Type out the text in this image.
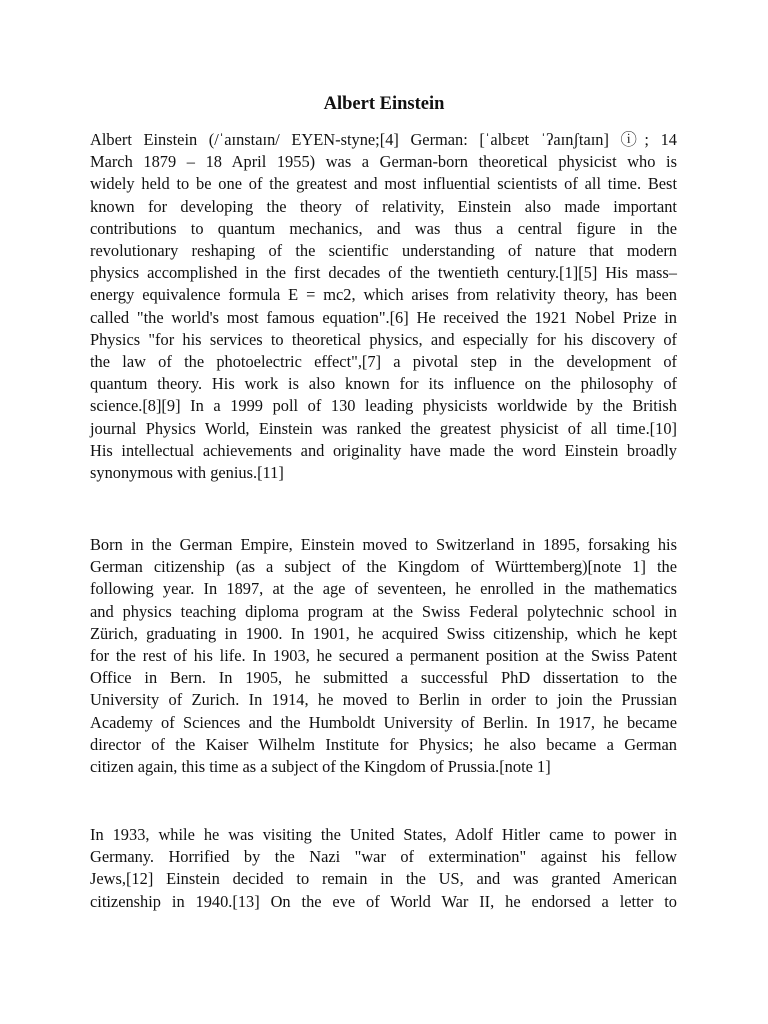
Albert Einstein

Albert Einstein (/ˈaɪnstaɪn/ EYEN-styne;[4] German: [ˈalbɛɐt ˈʔaɪnʃtaɪn] ⓘ; 14
March 1879 – 18 April 1955) was a German-born theoretical physicist who is
widely held to be one of the greatest and most influential scientists of all time. Best
known for developing the theory of relativity, Einstein also made important
contributions to quantum mechanics, and was thus a central figure in the
revolutionary reshaping of the scientific understanding of nature that modern
physics accomplished in the first decades of the twentieth century.[1][5] His mass–
energy equivalence formula E = mc2, which arises from relativity theory, has been
called "the world's most famous equation".[6] He received the 1921 Nobel Prize in
Physics "for his services to theoretical physics, and especially for his discovery of
the law of the photoelectric effect",[7] a pivotal step in the development of
quantum theory. His work is also known for its influence on the philosophy of
science.[8][9] In a 1999 poll of 130 leading physicists worldwide by the British
journal Physics World, Einstein was ranked the greatest physicist of all time.[10]
His intellectual achievements and originality have made the word Einstein broadly
synonymous with genius.[11]

Born in the German Empire, Einstein moved to Switzerland in 1895, forsaking his
German citizenship (as a subject of the Kingdom of Württemberg)[note 1] the
following year. In 1897, at the age of seventeen, he enrolled in the mathematics
and physics teaching diploma program at the Swiss Federal polytechnic school in
Zürich, graduating in 1900. In 1901, he acquired Swiss citizenship, which he kept
for the rest of his life. In 1903, he secured a permanent position at the Swiss Patent
Office in Bern. In 1905, he submitted a successful PhD dissertation to the
University of Zurich. In 1914, he moved to Berlin in order to join the Prussian
Academy of Sciences and the Humboldt University of Berlin. In 1917, he became
director of the Kaiser Wilhelm Institute for Physics; he also became a German
citizen again, this time as a subject of the Kingdom of Prussia.[note 1]

In 1933, while he was visiting the United States, Adolf Hitler came to power in
Germany. Horrified by the Nazi "war of extermination" against his fellow
Jews,[12] Einstein decided to remain in the US, and was granted American
citizenship in 1940.[13] On the eve of World War II, he endorsed a letter to
